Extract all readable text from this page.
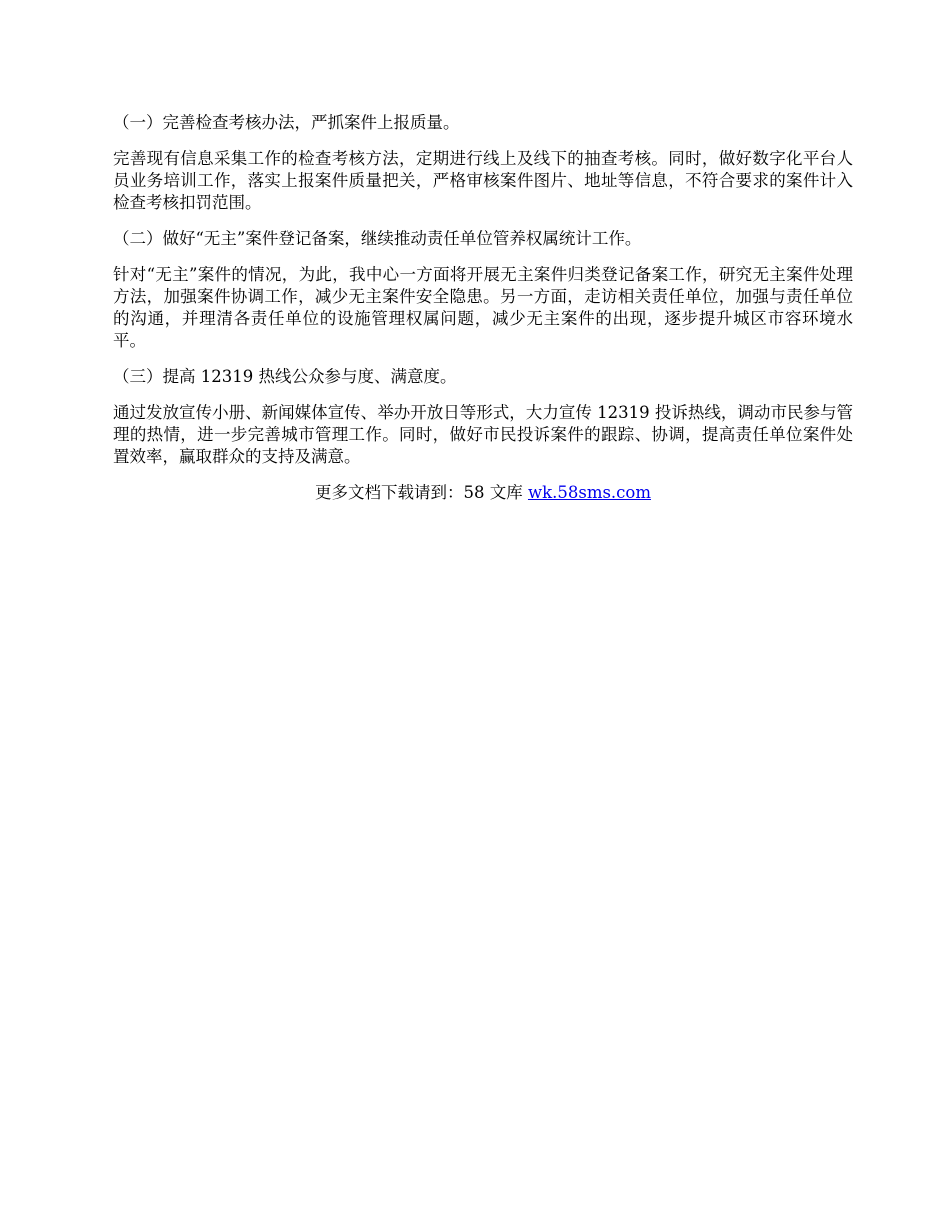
（一）完善检查考核办法，严抓案件上报质量。

完善现有信息采集工作的检查考核方法，定期进行线上及线下的抽查考核。同时，做好数字化平台人员业务培训工作，落实上报案件质量把关，严格审核案件图片、地址等信息，不符合要求的案件计入检查考核扣罚范围。

（二）做好“无主”案件登记备案，继续推动责任单位管养权属统计工作。

针对“无主”案件的情况，为此，我中心一方面将开展无主案件归类登记备案工作，研究无主案件处理方法，加强案件协调工作，减少无主案件安全隐患。另一方面，走访相关责任单位，加强与责任单位的沟通，并理清各责任单位的设施管理权属问题，减少无主案件的出现，逐步提升城区市容环境水平。

（三）提高 12319 热线公众参与度、满意度。

通过发放宣传小册、新闻媒体宣传、举办开放日等形式，大力宣传 12319 投诉热线，调动市民参与管理的热情，进一步完善城市管理工作。同时，做好市民投诉案件的跟踪、协调，提高责任单位案件处置效率，赢取群众的支持及满意。

更多文档下载请到：58 文库 wk.58sms.com
